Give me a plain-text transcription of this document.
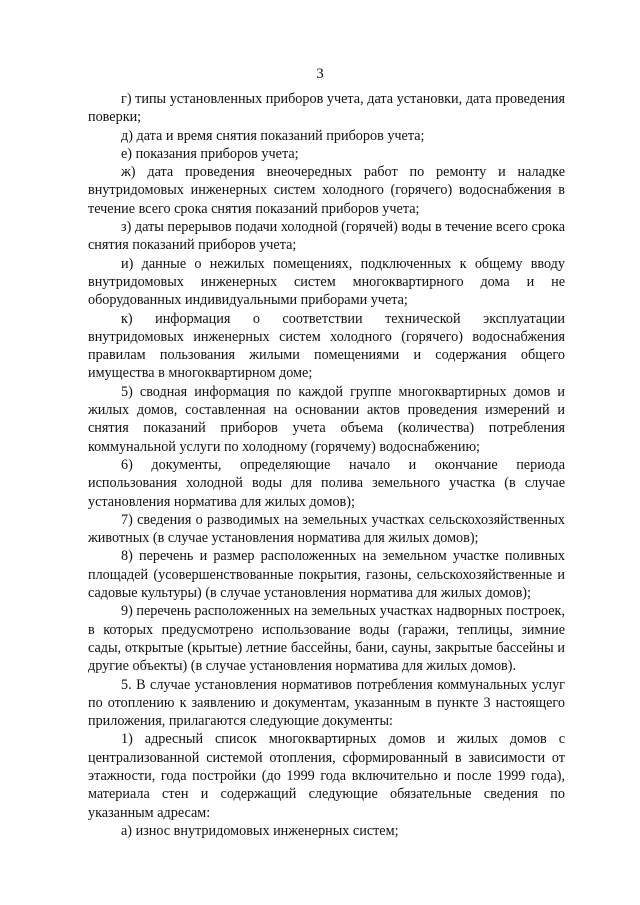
3

г) типы установленных приборов учета, дата установки, дата проведения поверки;

д) дата и время снятия показаний приборов учета;

е) показания приборов учета;

ж) дата проведения внеочередных работ по ремонту и наладке внутридомовых инженерных систем холодного (горячего) водоснабжения в течение всего срока снятия показаний приборов учета;

з) даты перерывов подачи холодной (горячей) воды в течение всего срока снятия показаний приборов учета;

и) данные о нежилых помещениях, подключенных к общему вводу внутридомовых инженерных систем многоквартирного дома и не оборудованных индивидуальными приборами учета;

к) информация о соответствии технической эксплуатации внутридомовых инженерных систем холодного (горячего) водоснабжения правилам пользования жилыми помещениями и содержания общего имущества в многоквартирном доме;

5) сводная информация по каждой группе многоквартирных домов и жилых домов, составленная на основании актов проведения измерений и снятия показаний приборов учета объема (количества) потребления коммунальной услуги по холодному (горячему) водоснабжению;

6) документы, определяющие начало и окончание периода использования холодной воды для полива земельного участка (в случае установления норматива для жилых домов);

7) сведения о разводимых на земельных участках сельскохозяйственных животных (в случае установления норматива для жилых домов);

8) перечень и размер расположенных на земельном участке поливных площадей (усовершенствованные покрытия, газоны, сельскохозяйственные и садовые культуры) (в случае установления норматива для жилых домов);

9) перечень расположенных на земельных участках надворных построек, в которых предусмотрено использование воды (гаражи, теплицы, зимние сады, открытые (крытые) летние бассейны, бани, сауны, закрытые бассейны и другие объекты) (в случае установления норматива для жилых домов).

5. В случае установления нормативов потребления коммунальных услуг по отоплению к заявлению и документам, указанным в пункте 3 настоящего приложения, прилагаются следующие документы:

1) адресный список многоквартирных домов и жилых домов с централизованной системой отопления, сформированный в зависимости от этажности, года постройки (до 1999 года включительно и после 1999 года), материала стен и содержащий следующие обязательные сведения по указанным адресам:

а) износ внутридомовых инженерных систем;
